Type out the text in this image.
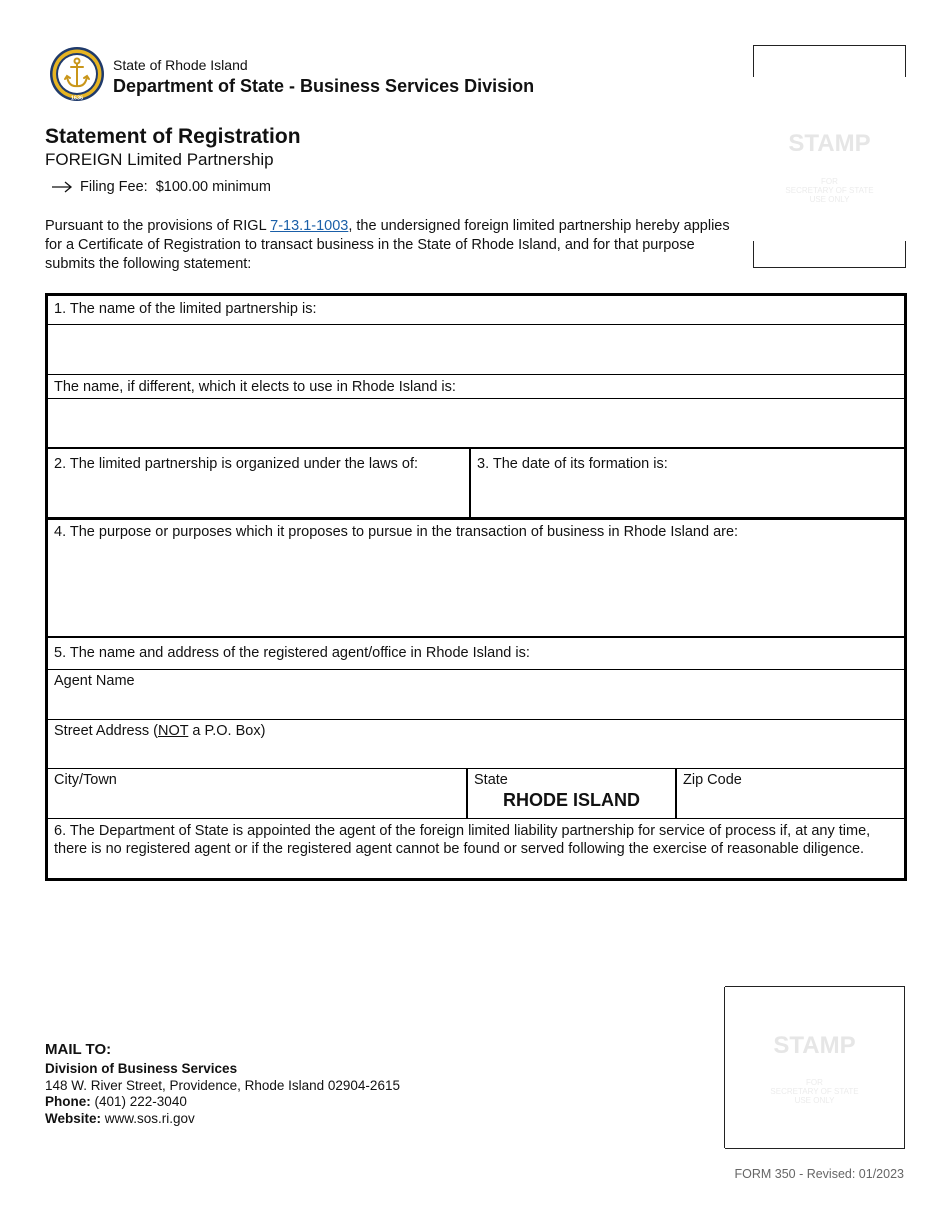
1636
State of Rhode Island
Department of State - Business Services Division
STAMP
FOR
SECRETARY OF STATE
USE ONLY
Statement of Registration
FOREIGN Limited Partnership
Filing Fee: $100.00 minimum
Pursuant to the provisions of RIGL 7-13.1-1003, the undersigned foreign limited partnership hereby applies for a Certificate of Registration to transact business in the State of Rhode Island, and for that purpose submits the following statement:
1. The name of the limited partnership is:
The name, if different, which it elects to use in Rhode Island is:
2. The limited partnership is organized under the laws of:	3. The date of its formation is:
4. The purpose or purposes which it proposes to pursue in the transaction of business in Rhode Island are:
5. The name and address of the registered agent/office in Rhode Island is:
Agent Name
Street Address (NOT a P.O. Box)
City/Town	State
RHODE ISLAND
Zip Code
6. The Department of State is appointed the agent of the foreign limited liability partnership for service of process if, at any time, there is no registered agent or if the registered agent cannot be found or served following the exercise of reasonable diligence.
MAIL TO:
Division of Business Services
148 W. River Street, Providence, Rhode Island 02904-2615
Phone: (401) 222-3040
Website: www.sos.ri.gov
STAMP
FOR
SECRETARY OF STATE
USE ONLY
FORM 350 - Revised: 01/2023
